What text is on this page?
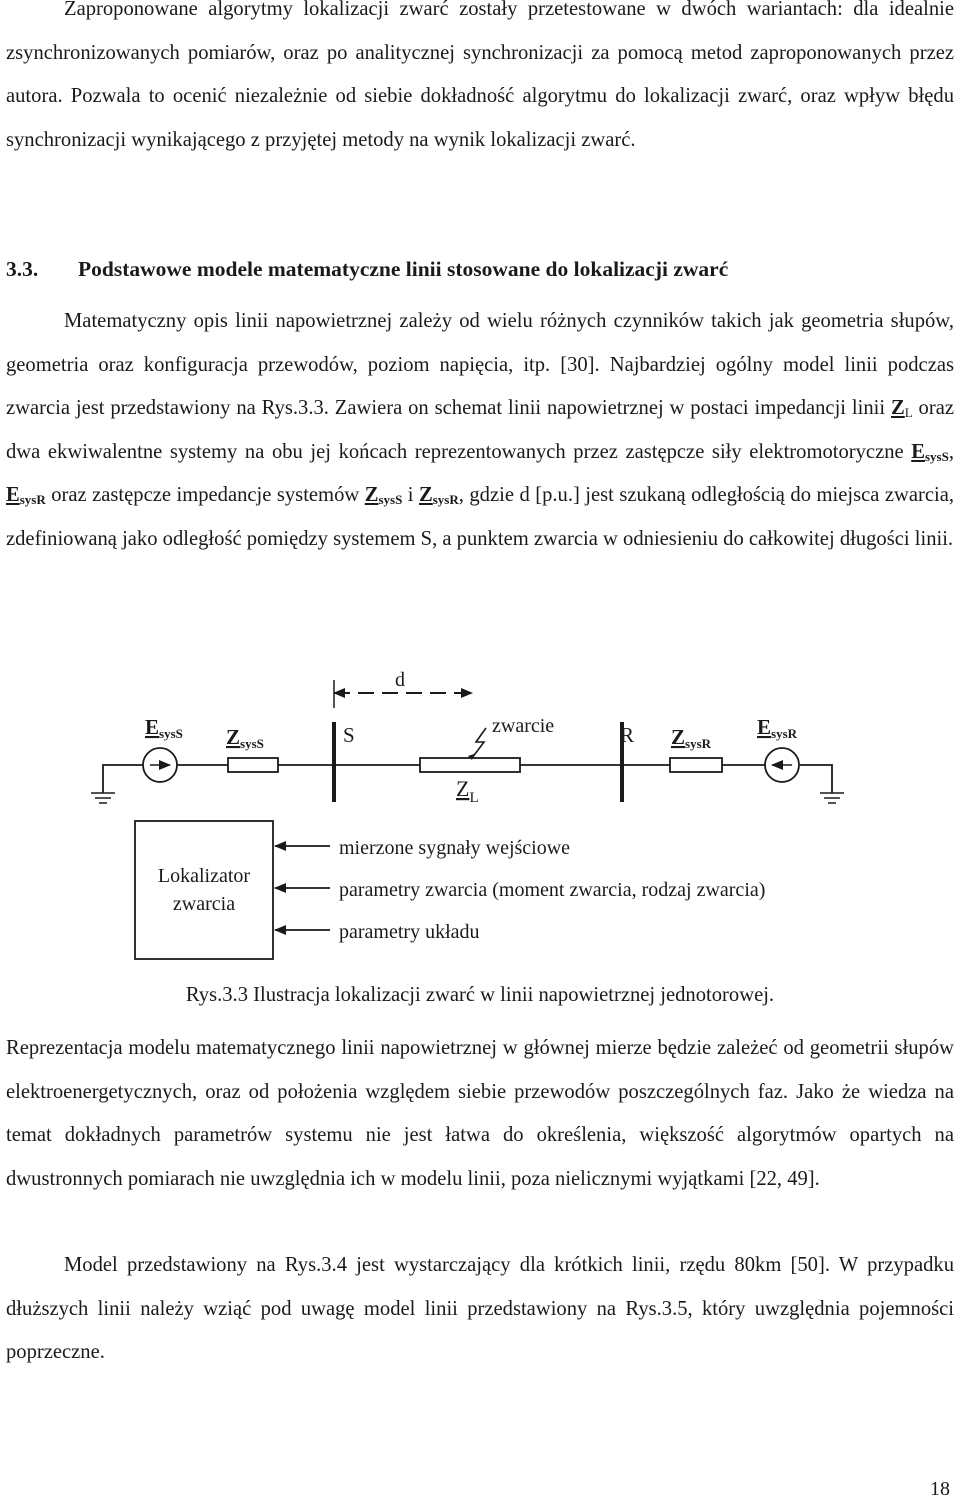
Zaproponowane algorytmy lokalizacji zwarć zostały przetestowane w dwóch wariantach: dla idealnie zsynchronizowanych pomiarów, oraz po analitycznej synchronizacji za pomocą metod zaproponowanych przez autora. Pozwala to ocenić niezależnie od siebie dokładność algorytmu do lokalizacji zwarć, oraz wpływ błędu synchronizacji wynikającego z przyjętej metody na wynik lokalizacji zwarć.

3.3. Podstawowe modele matematyczne linii stosowane do lokalizacji zwarć

Matematyczny opis linii napowietrznej zależy od wielu różnych czynników takich jak geometria słupów, geometria oraz konfiguracja przewodów, poziom napięcia, itp. [30]. Najbardziej ogólny model linii podczas zwarcia jest przedstawiony na Rys.3.3. Zawiera on schemat linii napowietrznej w postaci impedancji linii $Z_L$ oraz dwa ekwiwalentne systemy na obu jej końcach reprezentowanych przez zastępcze siły elektromotoryczne $E_{sysS}$, $E_{sysR}$ oraz zastępcze impedancje systemów $Z_{sysS}$ i $Z_{sysR}$, gdzie d [p.u.] jest szukaną odległością do miejsca zwarcia, zdefiniowaną jako odległość pomiędzy systemem S, a punktem zwarcia w odniesieniu do całkowitej długości linii.

d
zwarcie
EsysS ZsysS	S	R ZsysR
EsysR
$Z_L$
Lokalizator
zwarcia
mierzone sygnały wejściowe
parametry zwarcia (moment zwarcia, rodzaj zwarcia)
parametry układu
Rys.3.3 Ilustracja lokalizacji zwarć w linii napowietrznej jednotorowej.

Reprezentacja modelu matematycznego linii napowietrznej w głównej mierze będzie zależeć od geometrii słupów elektroenergetycznych, oraz od położenia względem siebie przewodów poszczególnych faz. Jako że wiedza na temat dokładnych parametrów systemu nie jest łatwa do określenia, większość algorytmów opartych na dwustronnych pomiarach nie uwzględnia ich w modelu linii, poza nielicznymi wyjątkami [22, 49].

Model przedstawiony na Rys.3.4 jest wystarczający dla krótkich linii, rzędu 80km [50]. W przypadku dłuższych linii należy wziąć pod uwagę model linii przedstawiony na Rys.3.5, który uwzględnia pojemności poprzeczne.

18
